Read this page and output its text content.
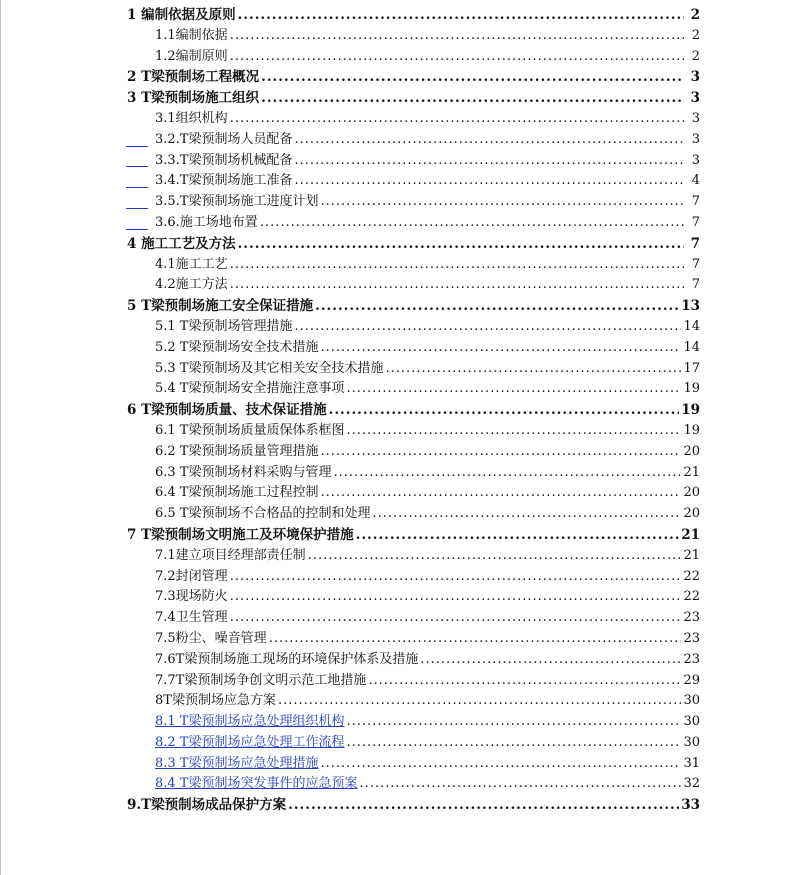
1 编制依据及原则 .....	2
1.1编制依据 .....	2
1.2编制原则 .....	2
2 T梁预制场工程概况 .....	3
3 T梁预制场施工组织 .....	3
3.1组织机构 .....	3
3.2.T梁预制场人员配备 .....	3
3.3.T梁预制场机械配备 .....	3
3.4.T梁预制场施工准备 .....	4
3.5.T梁预制场施工进度计划 .....	7
3.6.施工场地布置 .....	7
4 施工工艺及方法 .....	7
4.1施工工艺 .....	7
4.2施工方法 .....	7
5 T梁预制场施工安全保证措施 .....	13
5.1 T梁预制场管理措施 .....	14
5.2 T梁预制场安全技术措施 .....	14
5.3 T梁预制场及其它相关安全技术措施 .....	17
5.4 T梁预制场安全措施注意事项 .....	19
6 T梁预制场质量、技术保证措施 .....	19
6.1 T梁预制场质量质保体系框图 .....	19
6.2 T梁预制场质量管理措施 .....	20
6.3 T梁预制场材料采购与管理 .....	21
6.4 T梁预制场施工过程控制 .....	20
6.5 T梁预制场不合格品的控制和处理 .....	20
7 T梁预制场文明施工及环境保护措施 .....	21
7.1建立项目经理部责任制 .....	21
7.2封闭管理 .....	22
7.3现场防火 .....	22
7.4卫生管理 .....	23
7.5粉尘、噪音管理 .....	23
7.6T梁预制场施工现场的环境保护体系及措施 .....	23
7.7T梁预制场争创文明示范工地措施 .....	29
8T梁预制场应急方案 .....	30
8.1 T梁预制场应急处理组织机构 .....	30
8.2 T梁预制场应急处理工作流程 .....	30
8.3 T梁预制场应急处理措施 .....	31
8.4 T梁预制场突发事件的应急预案 .....	32
9.T梁预制场成品保护方案 .....	33
